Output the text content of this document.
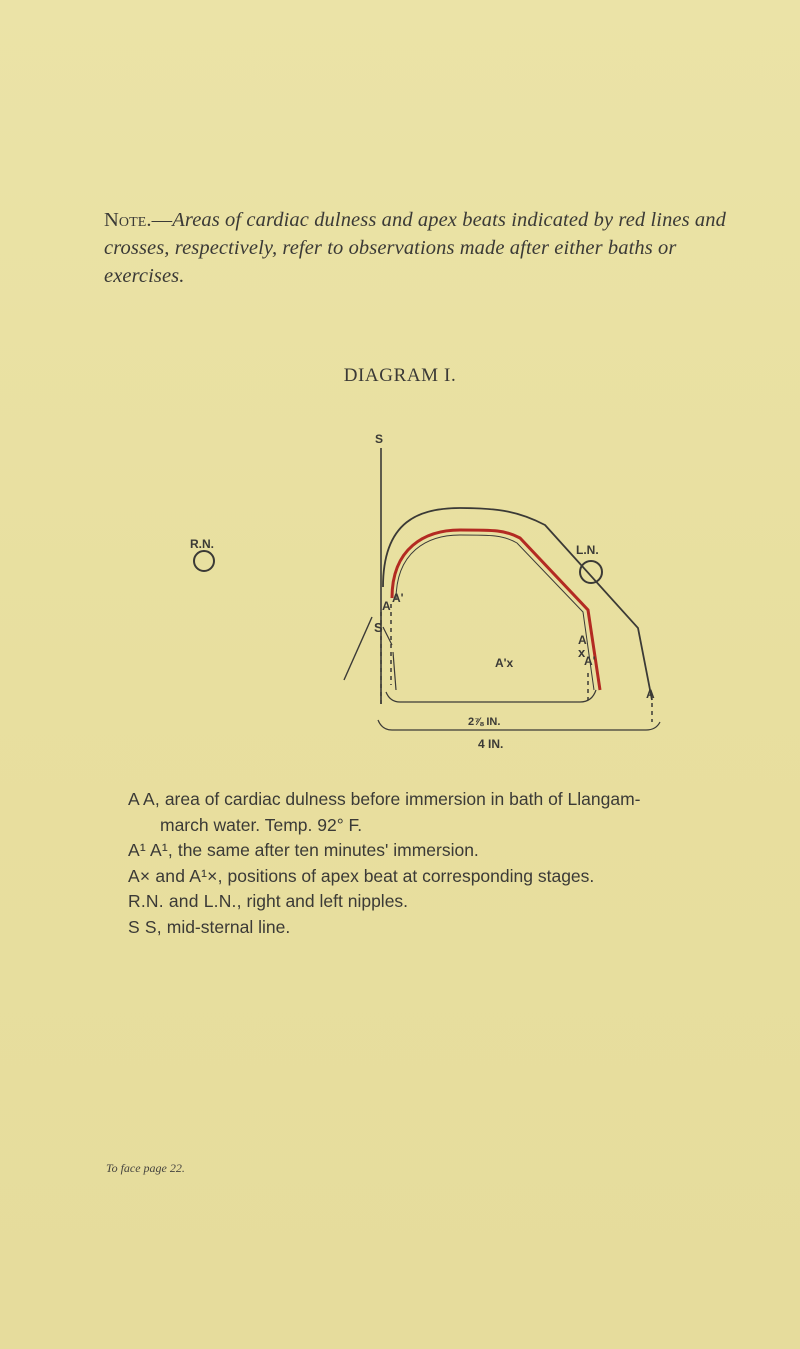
Note.—Areas of cardiac dulness and apex beats indicated by red lines and crosses, respectively, refer to observations made after either baths or exercises.
DIAGRAM I.
S
R.N.	L.N.
A
A'
S
A
A'x
x
A'
A
2⅞ IN.
4 IN.
A A, area of cardiac dulness before immersion in bath of Llangam-
march water. Temp. 92° F.
A¹ A¹, the same after ten minutes' immersion.
A× and A¹×, positions of apex beat at corresponding stages.
R.N. and L.N., right and left nipples.
S S, mid-sternal line.
To face page 22.
